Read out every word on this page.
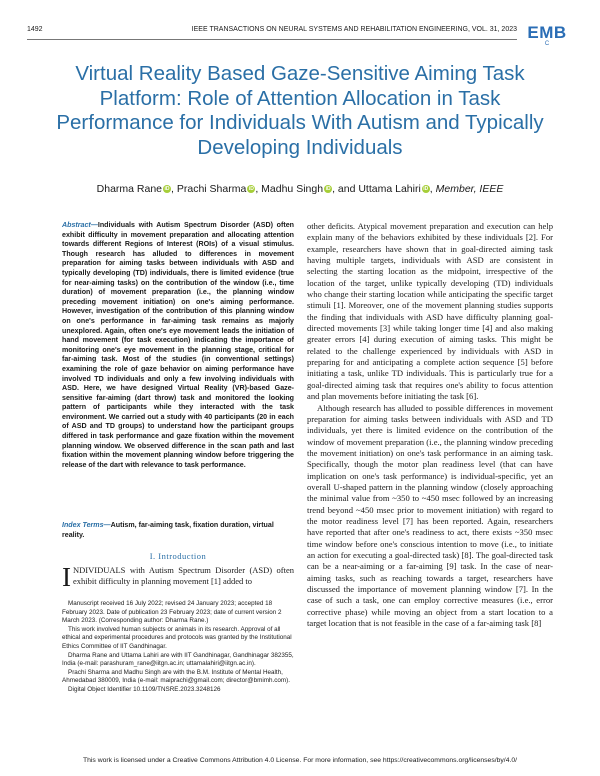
1492	IEEE TRANSACTIONS ON NEURAL SYSTEMS AND REHABILITATION ENGINEERING, VOL. 31, 2023 EMB
C
Virtual Reality Based Gaze-Sensitive Aiming Task Platform: Role of Attention Allocation in Task Performance for Individuals With Autism and Typically Developing Individuals
Dharma Rane iD , Prachi Sharma iD , Madhu Singh iD , and Uttama Lahiri iD , Member, IEEE
Abstract—Individuals with Autism Spectrum Disorder (ASD) often exhibit difficulty in movement preparation and allocating attention towards different Regions of Interest (ROIs) of a visual stimulus. Though research has alluded to differences in movement preparation for aiming tasks between individuals with ASD and typically developing (TD) individuals, there is limited evidence (true for near-aiming tasks) on the contribution of the window (i.e., time duration) of movement preparation (i.e., the planning window preceding movement initiation) on one's aiming performance. However, investigation of the contribution of this planning window on one's performance in far-aiming task remains as majorly unexplored. Again, often one's eye movement leads the initiation of hand movement (for task execution) indicating the importance of monitoring one's eye movement in the planning stage, critical for far-aiming task. Most of the studies (in conventional settings) examining the role of gaze behavior on aiming performance have involved TD individuals and only a few involving individuals with ASD. Here, we have designed Virtual Reality (VR)-based Gaze-sensitive far-aiming (dart throw) task and monitored the looking pattern of participants while they interacted with the task environment. We carried out a study with 40 participants (20 in each of ASD and TD groups) to understand how the participant groups differed in task performance and gaze fixation within the movement planning window. We observed difference in the scan path and last fixation within the movement planning window before triggering the release of the dart with relevance to task performance.
Index Terms—Autism, far-aiming task, fixation duration, virtual reality.
I. Introduction
INDIVIDUALS with Autism Spectrum Disorder (ASD) often exhibit difficulty in planning movement [1] added to

Manuscript received 16 July 2022; revised 24 January 2023; accepted 18 February 2023. Date of publication 23 February 2023; date of current version 2 March 2023. (Corresponding author: Dharma Rane.)

This work involved human subjects or animals in its research. Approval of all ethical and experimental procedures and protocols was granted by the Institutional Ethics Committee of IIT Gandhinagar.

Dharma Rane and Uttama Lahiri are with IIT Gandhinagar, Gandhinagar 382355, India (e-mail: parashuram_rane@iitgn.ac.in; uttamalahiri@iitgn.ac.in).

Prachi Sharma and Madhu Singh are with the B.M. Institute of Mental Health, Ahmedabad 380009, India (e-mail: maiprachi@gmail.com; director@bmimh.com).

Digital Object Identifier 10.1109/TNSRE.2023.3248126

other deficits. Atypical movement preparation and execution can help explain many of the behaviors exhibited by these individuals [2]. For example, researchers have shown that in goal-directed aiming task having multiple targets, individuals with ASD are consistent in selecting the starting location as the midpoint, irrespective of the location of the target, unlike typically developing (TD) individuals who change their starting location while anticipating the specific target stimuli [1]. Moreover, one of the movement planning studies supports the finding that individuals with ASD have difficulty planning goal-directed movements [3] while taking longer time [4] and also making greater errors [4] during execution of aiming tasks. This might be related to the challenge experienced by individuals with ASD in preparing for and anticipating a complete action sequence [5] before initiating a task, unlike TD individuals. This is particularly true for a goal-directed aiming task that requires one's ability to focus attention and plan movements before initiating the task [6].

Although research has alluded to possible differences in movement preparation for aiming tasks between individuals with ASD and TD individuals, yet there is limited evidence on the contribution of the window of movement preparation (i.e., the planning window preceding the movement initiation) on one's task performance in an aiming task. Specifically, though the motor plan readiness level (that can have implication on one's task performance) is individual-specific, yet an overall U-shaped pattern in the planning window (closely approaching the minimal value from ~350 to ~450 msec followed by an increasing trend beyond ~450 msec prior to movement initiation) with regard to the motor readiness level [7] has been reported. Again, researchers have reported that after one's readiness to act, there exists ~350 msec time window before one's conscious intention to move (i.e., to initiate an action for executing a goal-directed task) [8]. The goal-directed task can be a near-aiming or a far-aiming [9] task. In the case of near-aiming tasks, such as reaching towards a target, researchers have discussed the importance of movement planning window [7]. In the case of such a task, one can employ corrective measures (i.e., error corrective phase) while moving an object from a start location to a target location that is not feasible in the case of a far-aiming task [8]

This work is licensed under a Creative Commons Attribution 4.0 License. For more information, see https://creativecommons.org/licenses/by/4.0/
